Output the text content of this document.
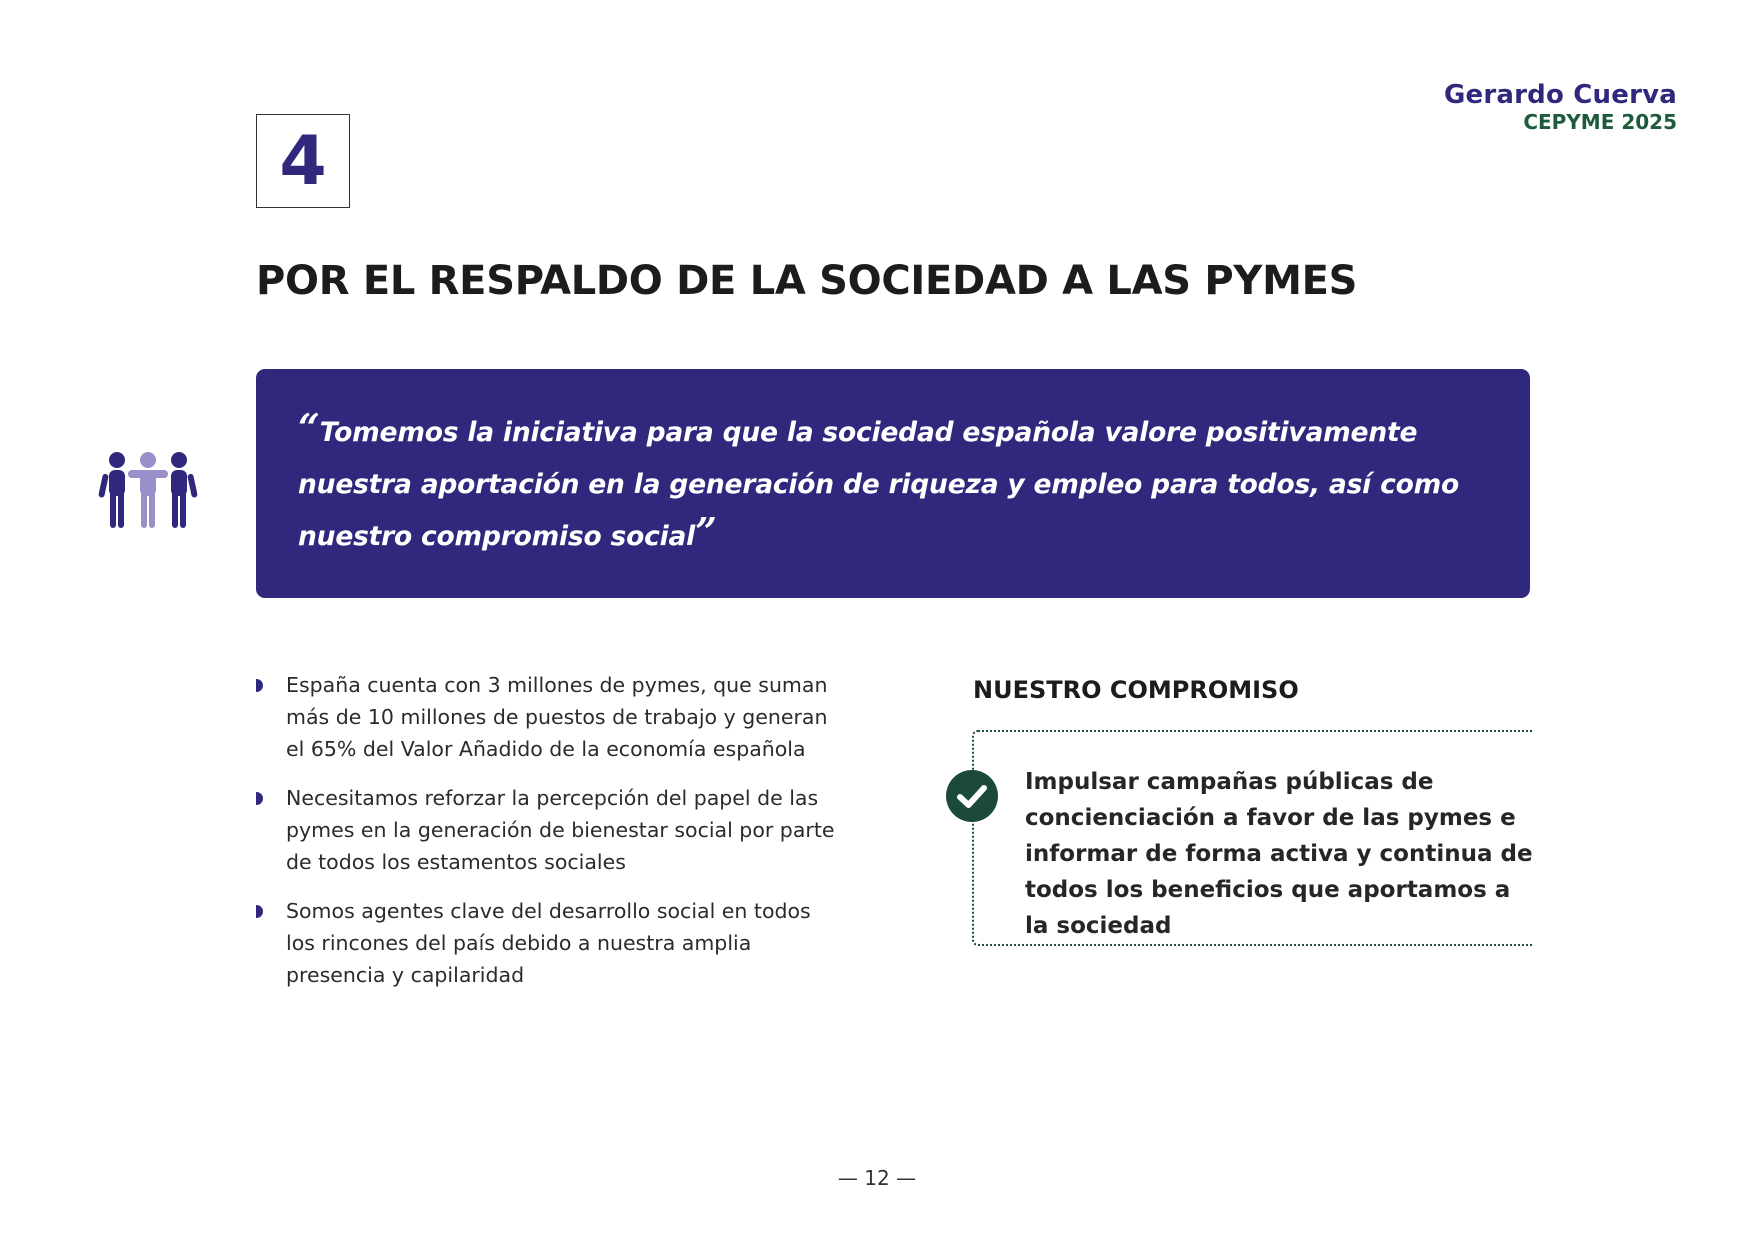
Gerardo Cuerva
CEPYME 2025
4
POR EL RESPALDO DE LA SOCIEDAD A LAS PYMES

“Tomemos la iniciativa para que la sociedad española valore positivamente nuestra aportación en la generación de riqueza y empleo para todos, así como nuestro compromiso social”

España cuenta con 3 millones de pymes, que suman más de 10 millones de puestos de trabajo y generan el 65% del Valor Añadido de la economía española
Necesitamos reforzar la percepción del papel de las pymes en la generación de bienestar social por parte de todos los estamentos sociales
Somos agentes clave del desarrollo social en todos los rincones del país debido a nuestra amplia presencia y capilaridad
NUESTRO COMPROMISO

Impulsar campañas públicas de concienciación a favor de las pymes e informar de forma activa y continua de todos los beneficios que aportamos a la sociedad

— 12 —
